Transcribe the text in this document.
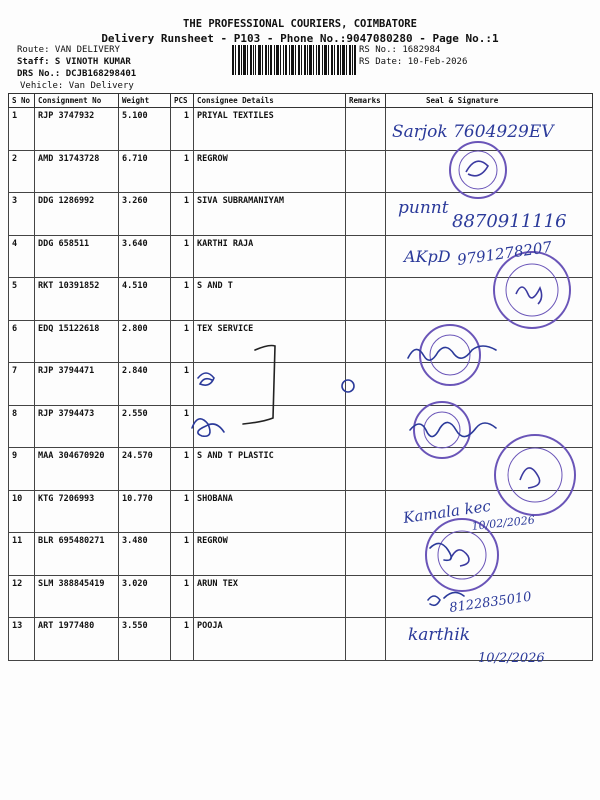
THE PROFESSIONAL COURIERS, COIMBATORE
Delivery Runsheet - P103 - Phone No.:9047080280 - Page No.:1
Route: VAN DELIVERY
Staff: S VINOTH KUMAR
DRS No.: DCJB168298401
Vehicle: Van Delivery
RS No.: 1682984
RS Date: 10-Feb-2026
S No	Consignment No	Weight	PCS	Consignee Details	Remarks	Seal & Signature
1	RJP 3747932	5.100	1	PRIYAL TEXTILES		
2	AMD 31743728	6.710	1	REGROW		
3	DDG 1286992	3.260	1	SIVA SUBRAMANIYAM		
4	DDG 658511	3.640	1	KARTHI RAJA		
5	RKT 10391852	4.510	1	S AND T		
6	EDQ 15122618	2.800	1	TEX SERVICE		
7	RJP 3794471	2.840	1			
8	RJP 3794473	2.550	1			
9	MAA 304670920	24.570	1	S AND T PLASTIC		
10	KTG 7206993	10.770	1	SHOBANA		
11	BLR 695480271	3.480	1	REGROW		
12	SLM 388845419	3.020	1	ARUN TEX		
13	ART 1977480	3.550	1	POOJA		
Sarjok 7604929EV
punnt
8870911116
AKpD 9791278207
Kamala kec
10/02/2026
8122835010
karthik
10/2/2026
